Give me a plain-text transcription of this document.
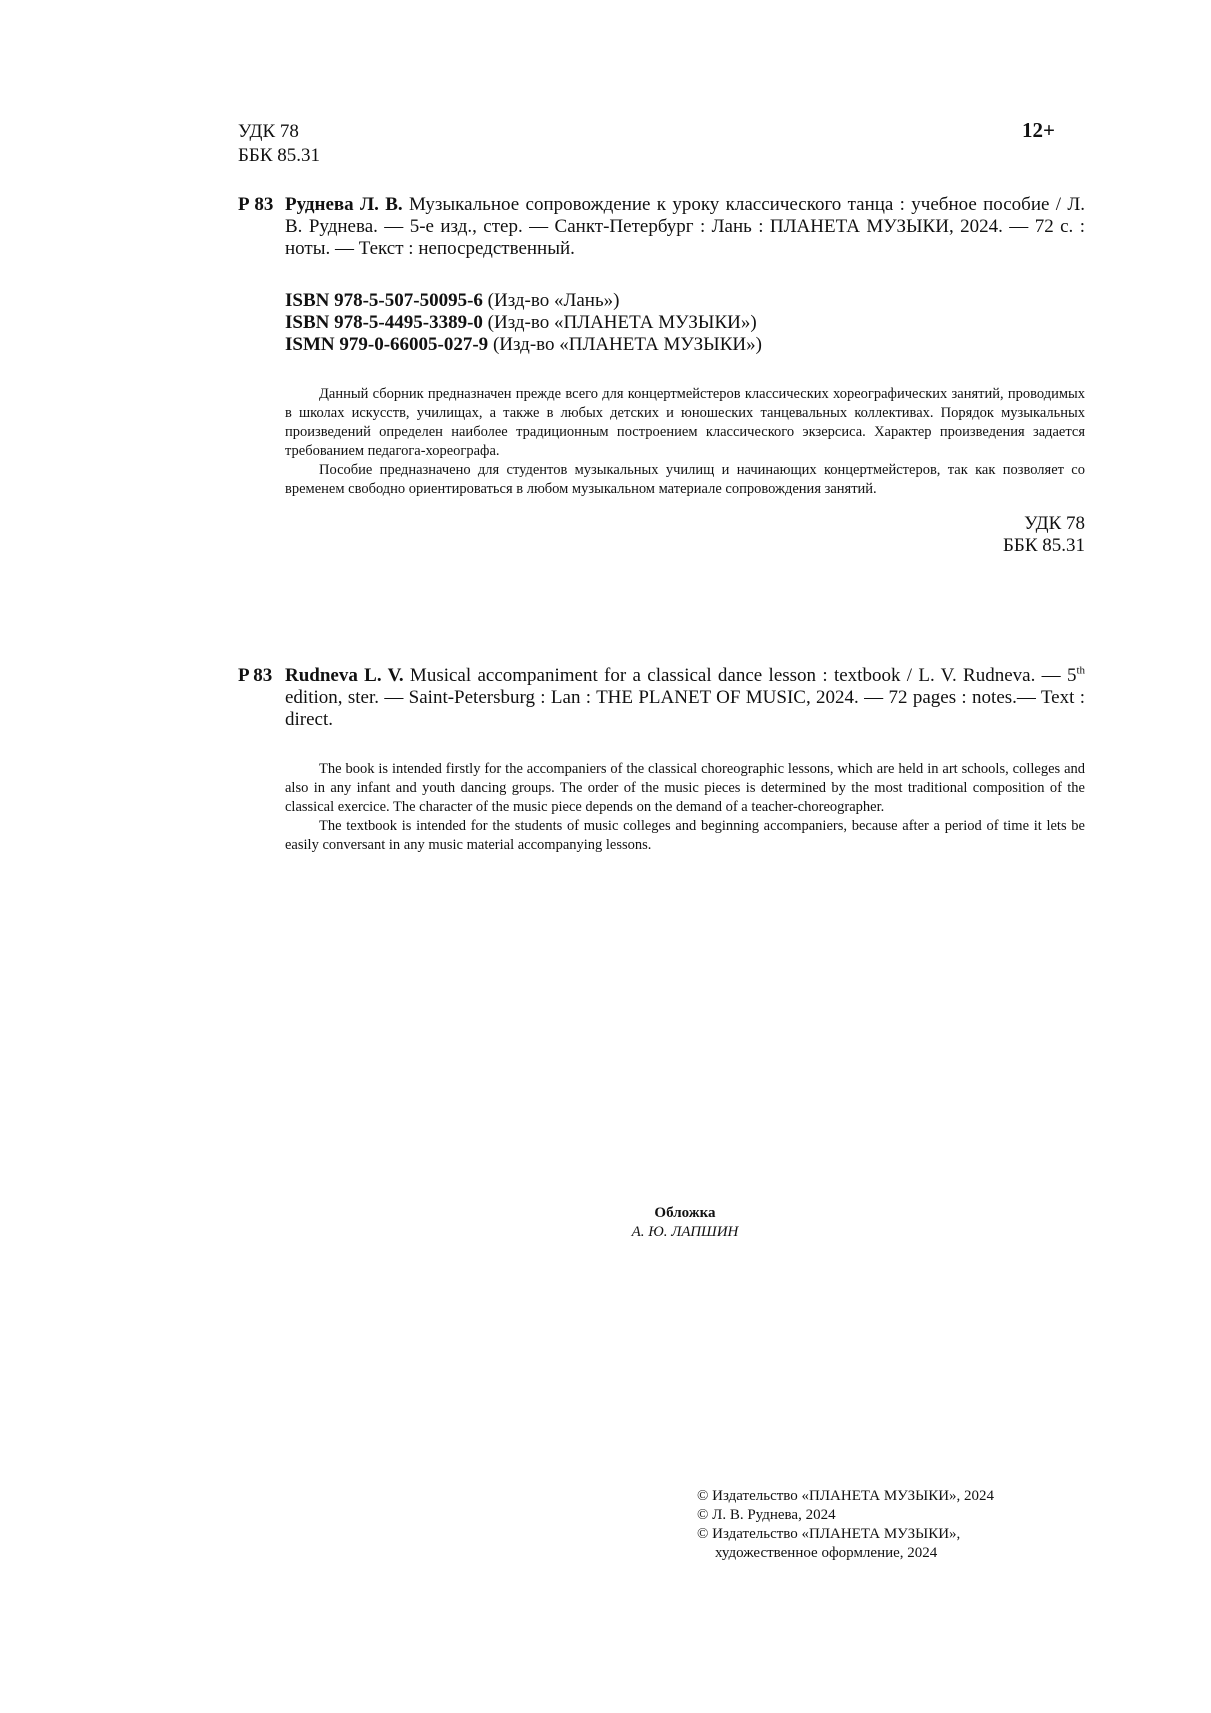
УДК 78
ББК 85.31
12+
Р 83 Руднева Л. В. Музыкальное сопровождение к уроку классического танца : учебное пособие / Л. В. Руднева. — 5-е изд., стер. — Санкт-Петербург : Лань : ПЛАНЕТА МУЗЫКИ, 2024. — 72 с. : ноты. — Текст : непосредственный.
ISBN 978-5-507-50095-6 (Изд-во «Лань»)
ISBN 978-5-4495-3389-0 (Изд-во «ПЛАНЕТА МУЗЫКИ»)
ISMN 979-0-66005-027-9 (Изд-во «ПЛАНЕТА МУЗЫКИ»)

Данный сборник предназначен прежде всего для концертмейстеров классических хореографических занятий, проводимых в школах искусств, училищах, а также в любых детских и юношеских танцевальных коллективах. Порядок музыкальных произведений определен наиболее традиционным построением классического экзерсиса. Характер произведения задается требованием педагога-хореографа.

Пособие предназначено для студентов музыкальных училищ и начинающих концертмейстеров, так как позволяет со временем свободно ориентироваться в любом музыкальном материале сопровождения занятий.

УДК 78
ББК 85.31
P 83 Rudneva L. V. Musical accompaniment for a classical dance lesson : textbook / L. V. Rudneva. — 5th edition, ster. — Saint-Petersburg : Lan : THE PLANET OF MUSIC, 2024. — 72 pages : notes.— Text : direct.

The book is intended firstly for the accompaniers of the classical choreographic lessons, which are held in art schools, colleges and also in any infant and youth dancing groups. The order of the music pieces is determined by the most traditional composition of the classical exercice. The character of the music piece depends on the demand of a teacher-choreographer.

The textbook is intended for the students of music colleges and beginning accompaniers, because after a period of time it lets be easily conversant in any music material accompanying lessons.

Обложка
А. Ю. ЛАПШИН
© Издательство «ПЛАНЕТА МУЗЫКИ», 2024
© Л. В. Руднева, 2024
© Издательство «ПЛАНЕТА МУЗЫКИ»,
художественное оформление, 2024
